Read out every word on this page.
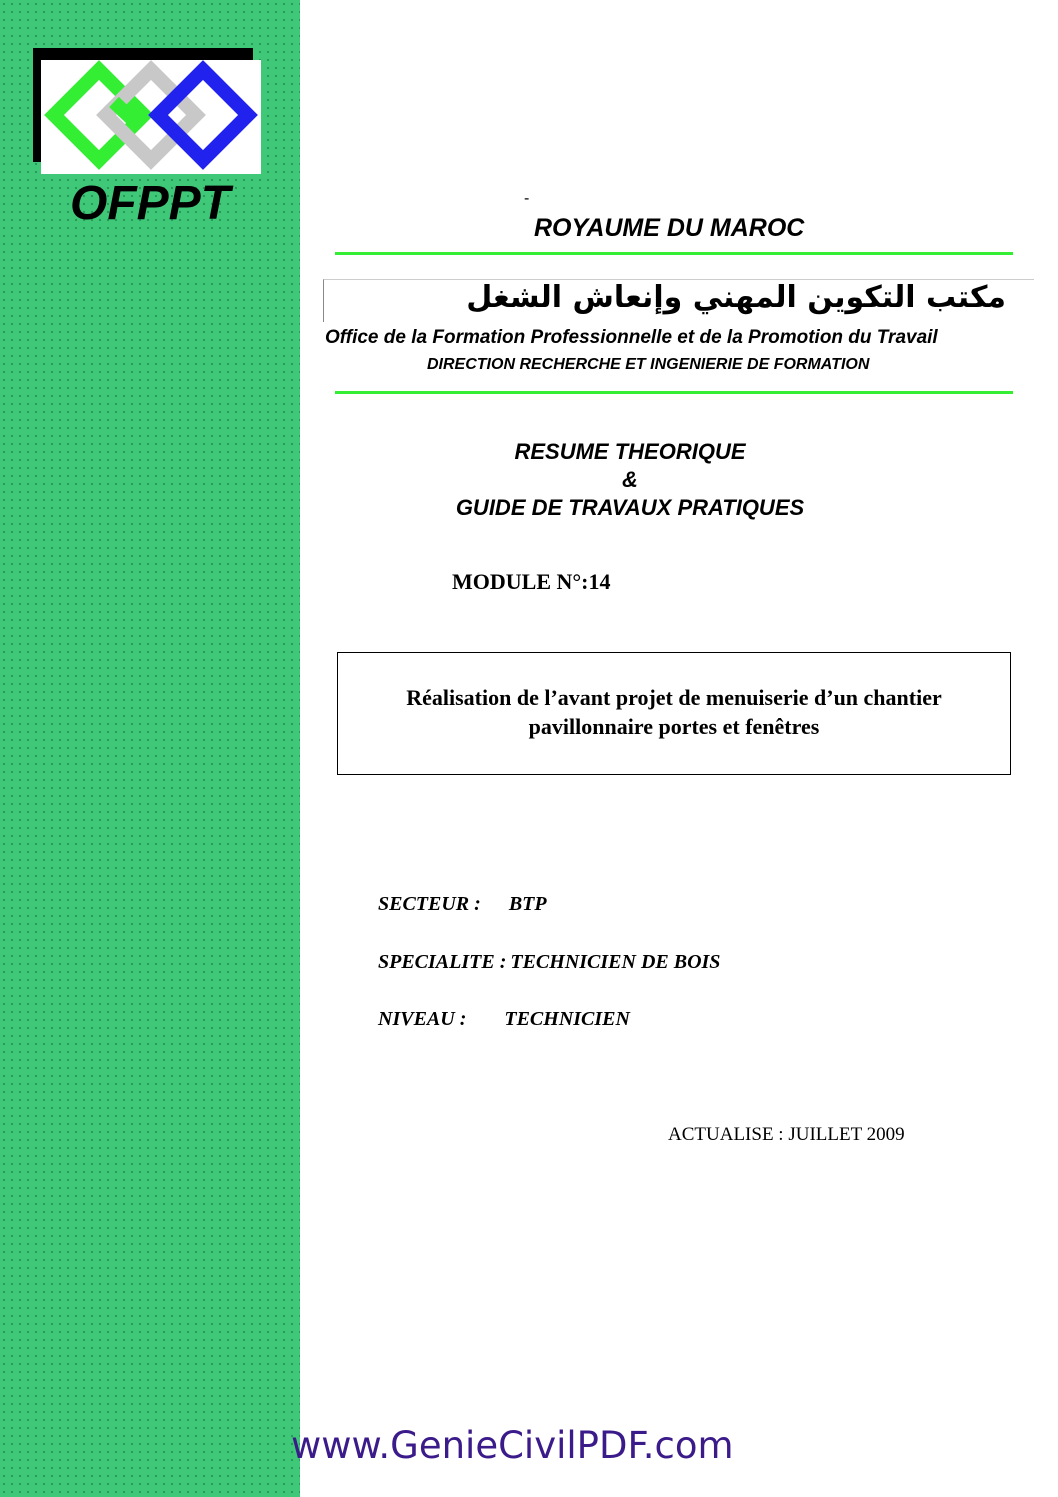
OFPPT	-
ROYAUME DU MAROC
مكتب التكوين المهني وإنعاش الشغل
Office de la Formation Professionnelle et de la Promotion du Travail
DIRECTION RECHERCHE ET INGENIERIE DE FORMATION
RESUME THEORIQUE
&
GUIDE DE TRAVAUX PRATIQUES
MODULE N°:14
Réalisation de l’avant projet de menuiserie d’un chantier
pavillonnaire portes et fenêtres
SECTEUR : BTP
SPECIALITE : TECHNICIEN DE BOIS
NIVEAU : TECHNICIEN
ACTUALISE : JUILLET 2009
www.GenieCivilPDF.com
